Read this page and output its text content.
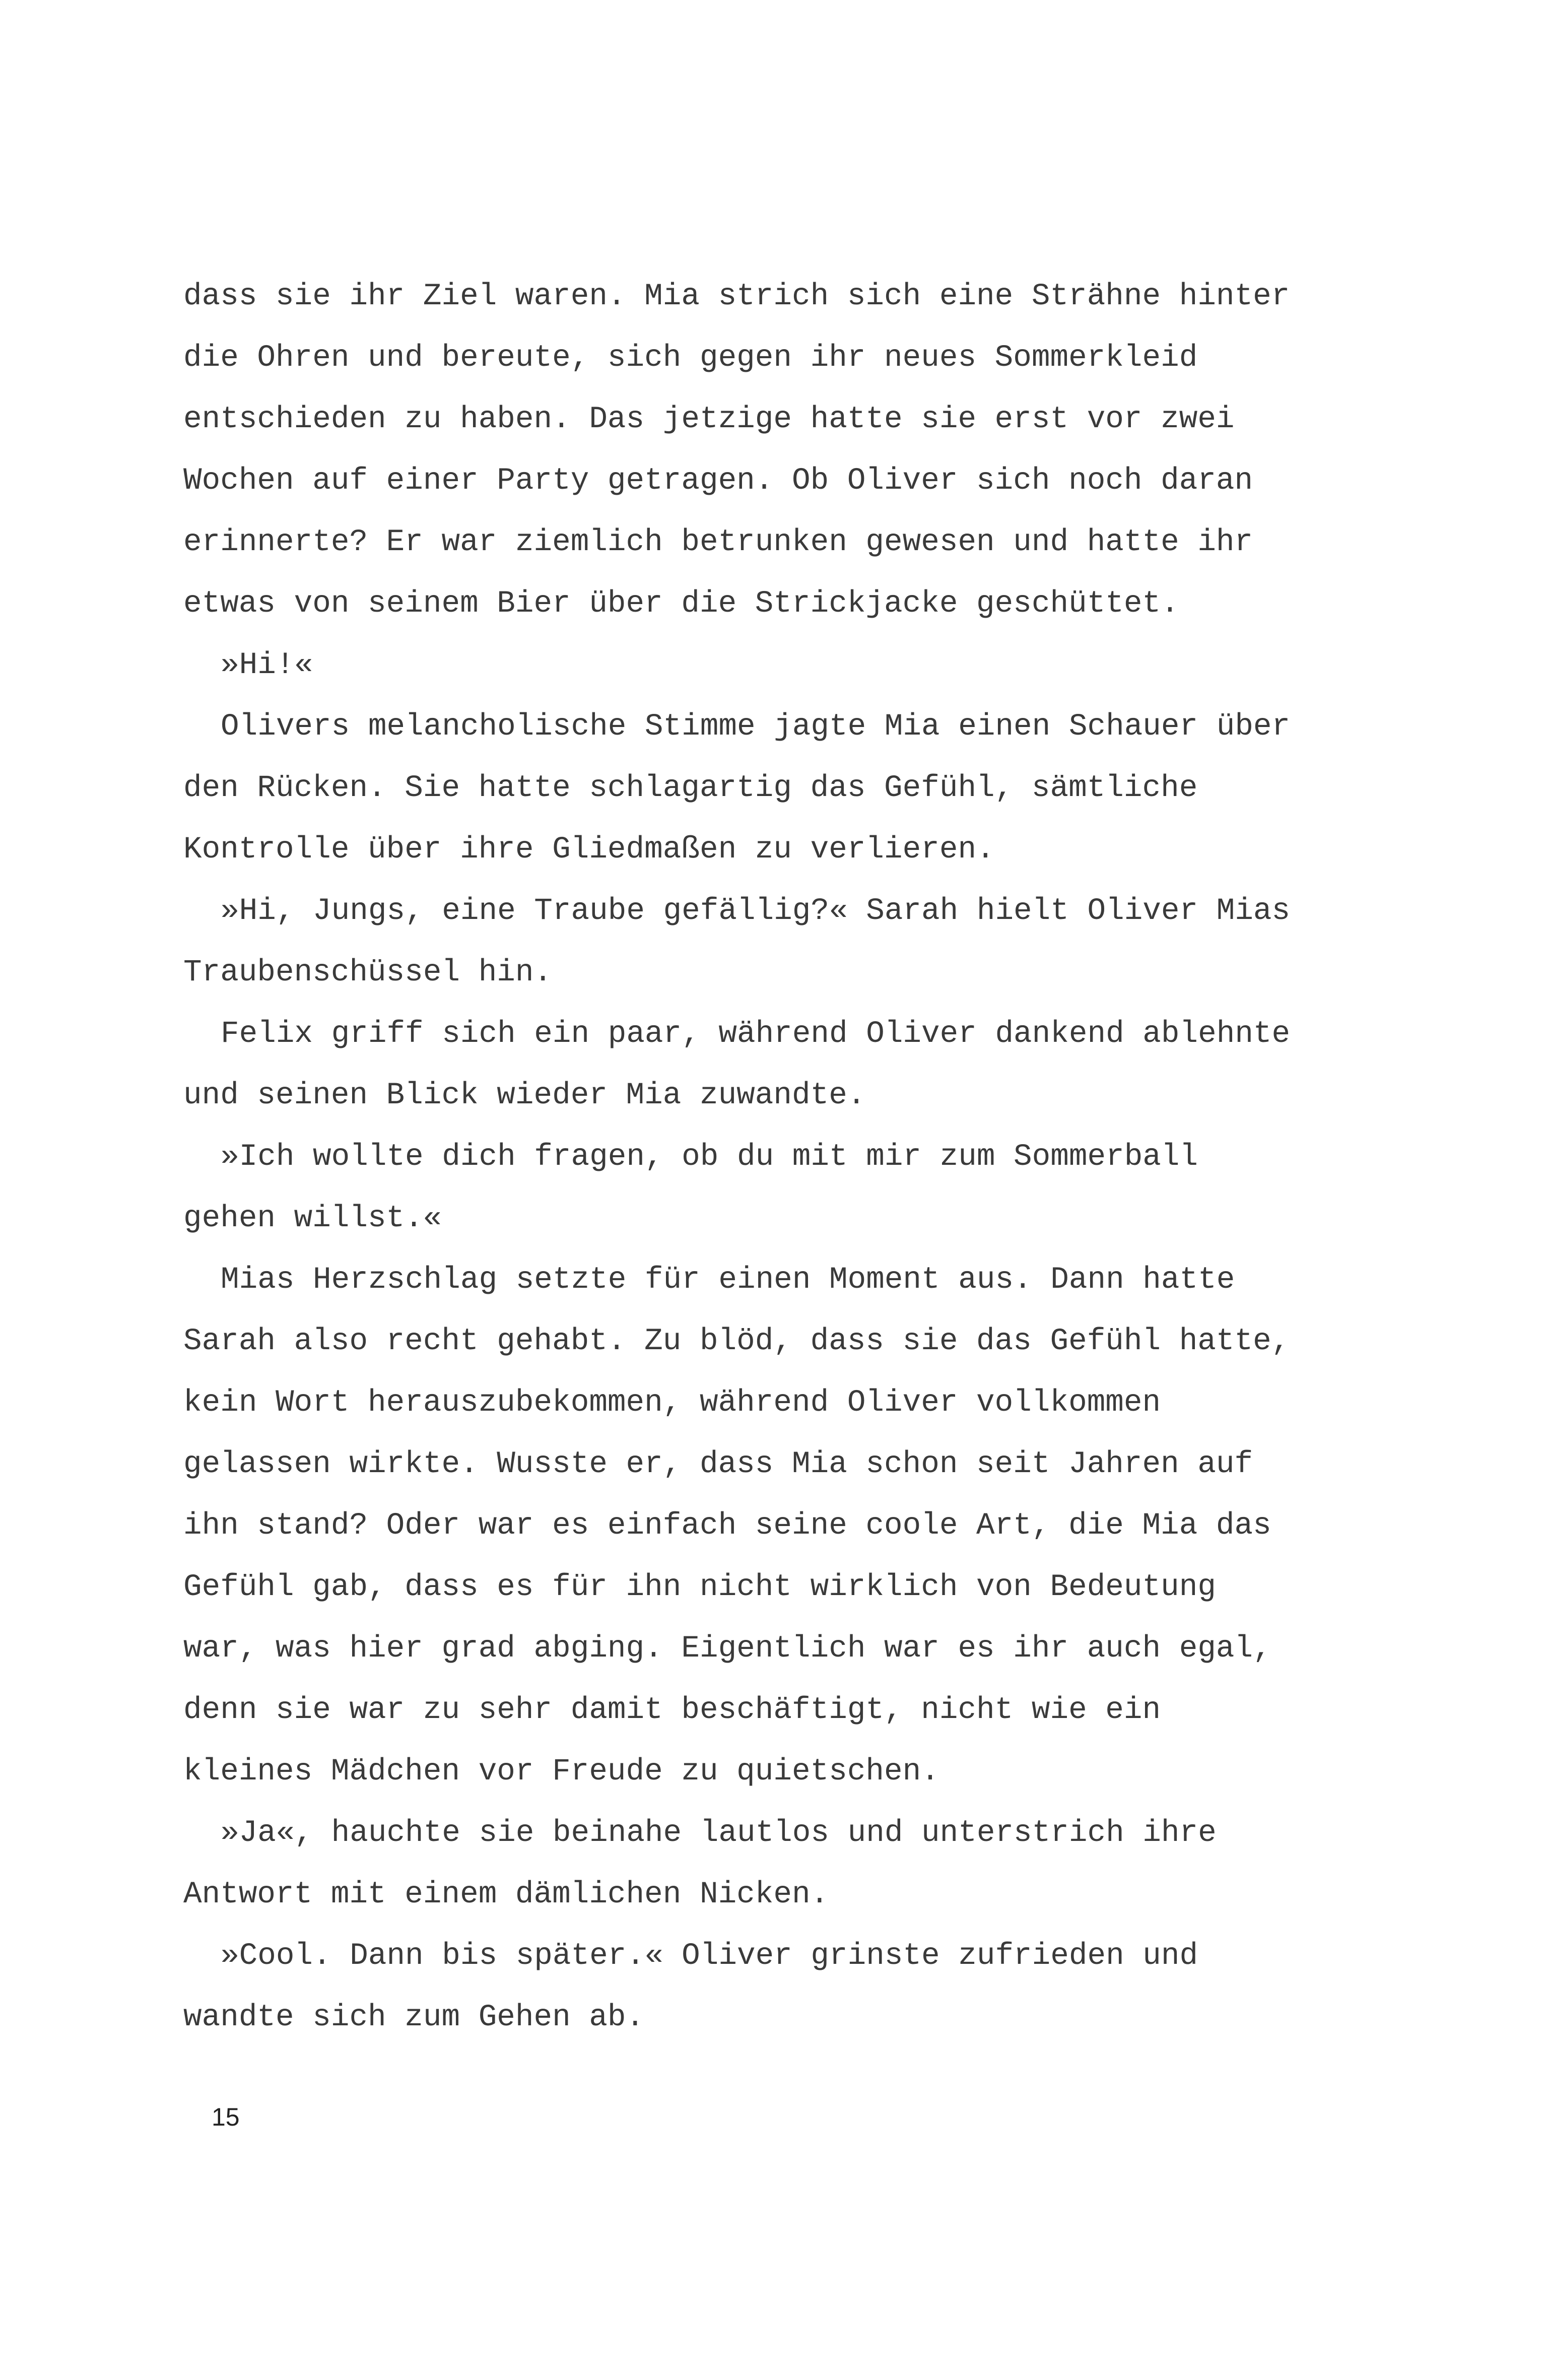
dass sie ihr Ziel waren. Mia strich sich eine Strähne hinter
die Ohren und bereute, sich gegen ihr neues Sommerkleid
entschieden zu haben. Das jetzige hatte sie erst vor zwei
Wochen auf einer Party getragen. Ob Oliver sich noch daran
erinnerte? Er war ziemlich betrunken gewesen und hatte ihr
etwas von seinem Bier über die Strickjacke geschüttet.
»Hi!«
Olivers melancholische Stimme jagte Mia einen Schauer über
den Rücken. Sie hatte schlagartig das Gefühl, sämtliche
Kontrolle über ihre Gliedmaßen zu verlieren.
»Hi, Jungs, eine Traube gefällig?« Sarah hielt Oliver Mias
Traubenschüssel hin.
Felix griff sich ein paar, während Oliver dankend ablehnte
und seinen Blick wieder Mia zuwandte.
»Ich wollte dich fragen, ob du mit mir zum Sommerball
gehen willst.«
Mias Herzschlag setzte für einen Moment aus. Dann hatte
Sarah also recht gehabt. Zu blöd, dass sie das Gefühl hatte,
kein Wort herauszubekommen, während Oliver vollkommen
gelassen wirkte. Wusste er, dass Mia schon seit Jahren auf
ihn stand? Oder war es einfach seine coole Art, die Mia das
Gefühl gab, dass es für ihn nicht wirklich von Bedeutung
war, was hier grad abging. Eigentlich war es ihr auch egal,
denn sie war zu sehr damit beschäftigt, nicht wie ein
kleines Mädchen vor Freude zu quietschen.
»Ja«, hauchte sie beinahe lautlos und unterstrich ihre
Antwort mit einem dämlichen Nicken.
»Cool. Dann bis später.« Oliver grinste zufrieden und
wandte sich zum Gehen ab.
15
